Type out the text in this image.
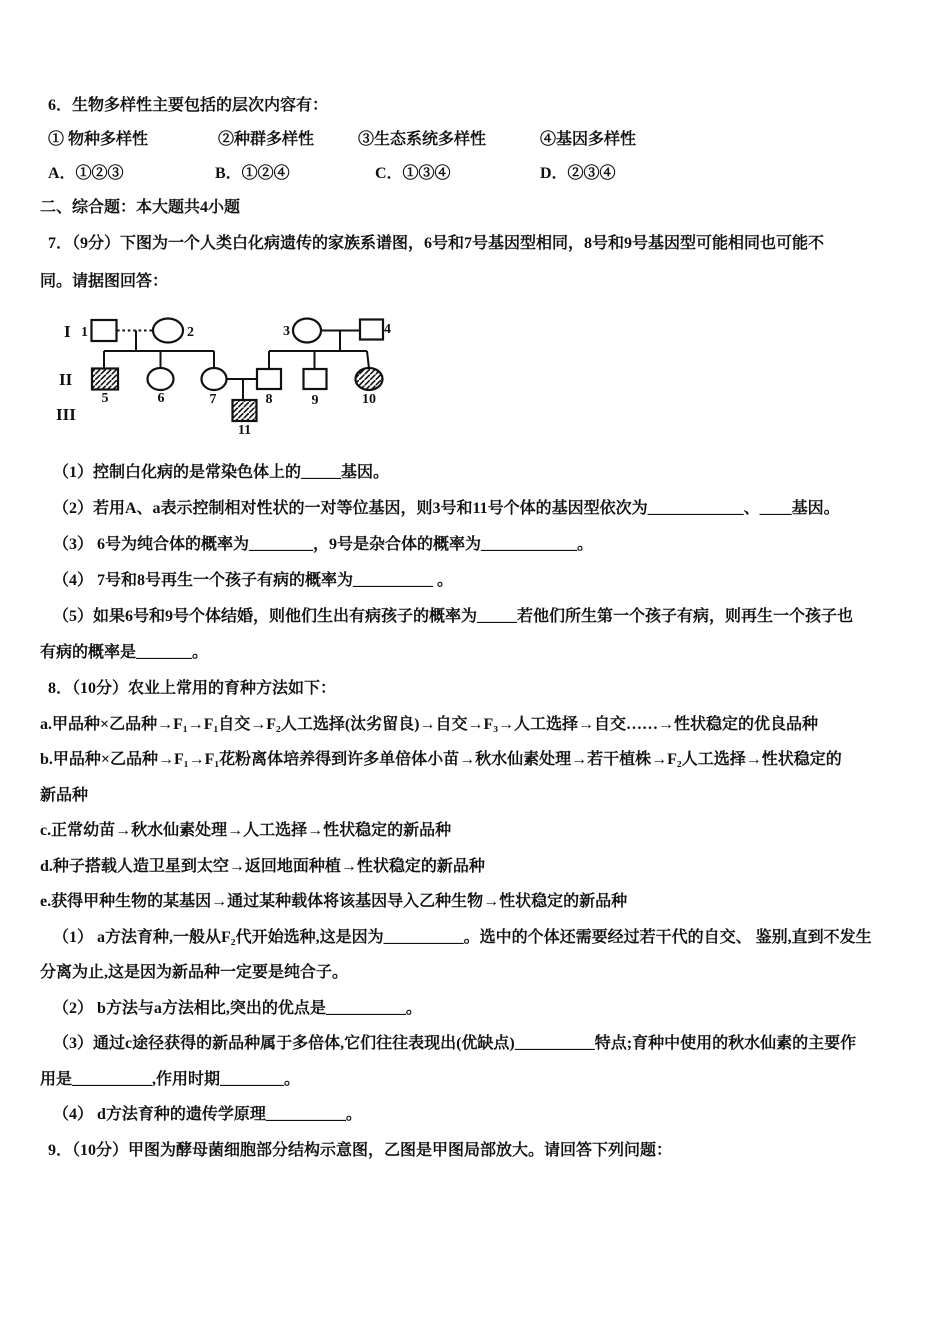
6．生物多样性主要包括的层次内容有：

① 物种多样性	②种群多样性	③生态系统多样性	④基因多样性
A．①②③	B．①②④	C．①③④	D．②③④

二、综合题：本大题共4小题

7．（9分）下图为一个人类白化病遗传的家族系谱图，6号和7号基因型相同，8号和9号基因型可能相同也可能不

同。请据图回答：

I
II
III
1	2	3	4
5	6	7	8	9	10
11

（1）控制白化病的是常染色体上的_____基因。

（2）若用A、a表示控制相对性状的一对等位基因，则3号和11号个体的基因型依次为____________、____基因。

（3） 6号为纯合体的概率为________，9号是杂合体的概率为____________。

（4） 7号和8号再生一个孩子有病的概率为__________ 。

（5）如果6号和9号个体结婚，则他们生出有病孩子的概率为_____若他们所生第一个孩子有病，则再生一个孩子也

有病的概率是_______。

8．（10分）农业上常用的育种方法如下：

a.甲品种×乙品种→F₁→F₁自交→F₂人工选择(汰劣留良)→自交→F₃→人工选择→自交……→性状稳定的优良品种

b.甲品种×乙品种→F₁→F₁花粉离体培养得到许多单倍体小苗→秋水仙素处理→若干植株→F₂人工选择→性状稳定的

新品种

c.正常幼苗→秋水仙素处理→人工选择→性状稳定的新品种

d.种子搭载人造卫星到太空→返回地面种植→性状稳定的新品种

e.获得甲种生物的某基因→通过某种载体将该基因导入乙种生物→性状稳定的新品种

（1） a方法育种,一般从F₂代开始选种,这是因为__________。选中的个体还需要经过若干代的自交、 鉴别,直到不发生

分离为止,这是因为新品种一定要是纯合子。

（2） b方法与a方法相比,突出的优点是__________。

（3）通过c途径获得的新品种属于多倍体,它们往往表现出(优缺点)__________特点;育种中使用的秋水仙素的主要作

用是__________,作用时期________。

（4） d方法育种的遗传学原理__________。

9．（10分）甲图为酵母菌细胞部分结构示意图，乙图是甲图局部放大。请回答下列问题：
